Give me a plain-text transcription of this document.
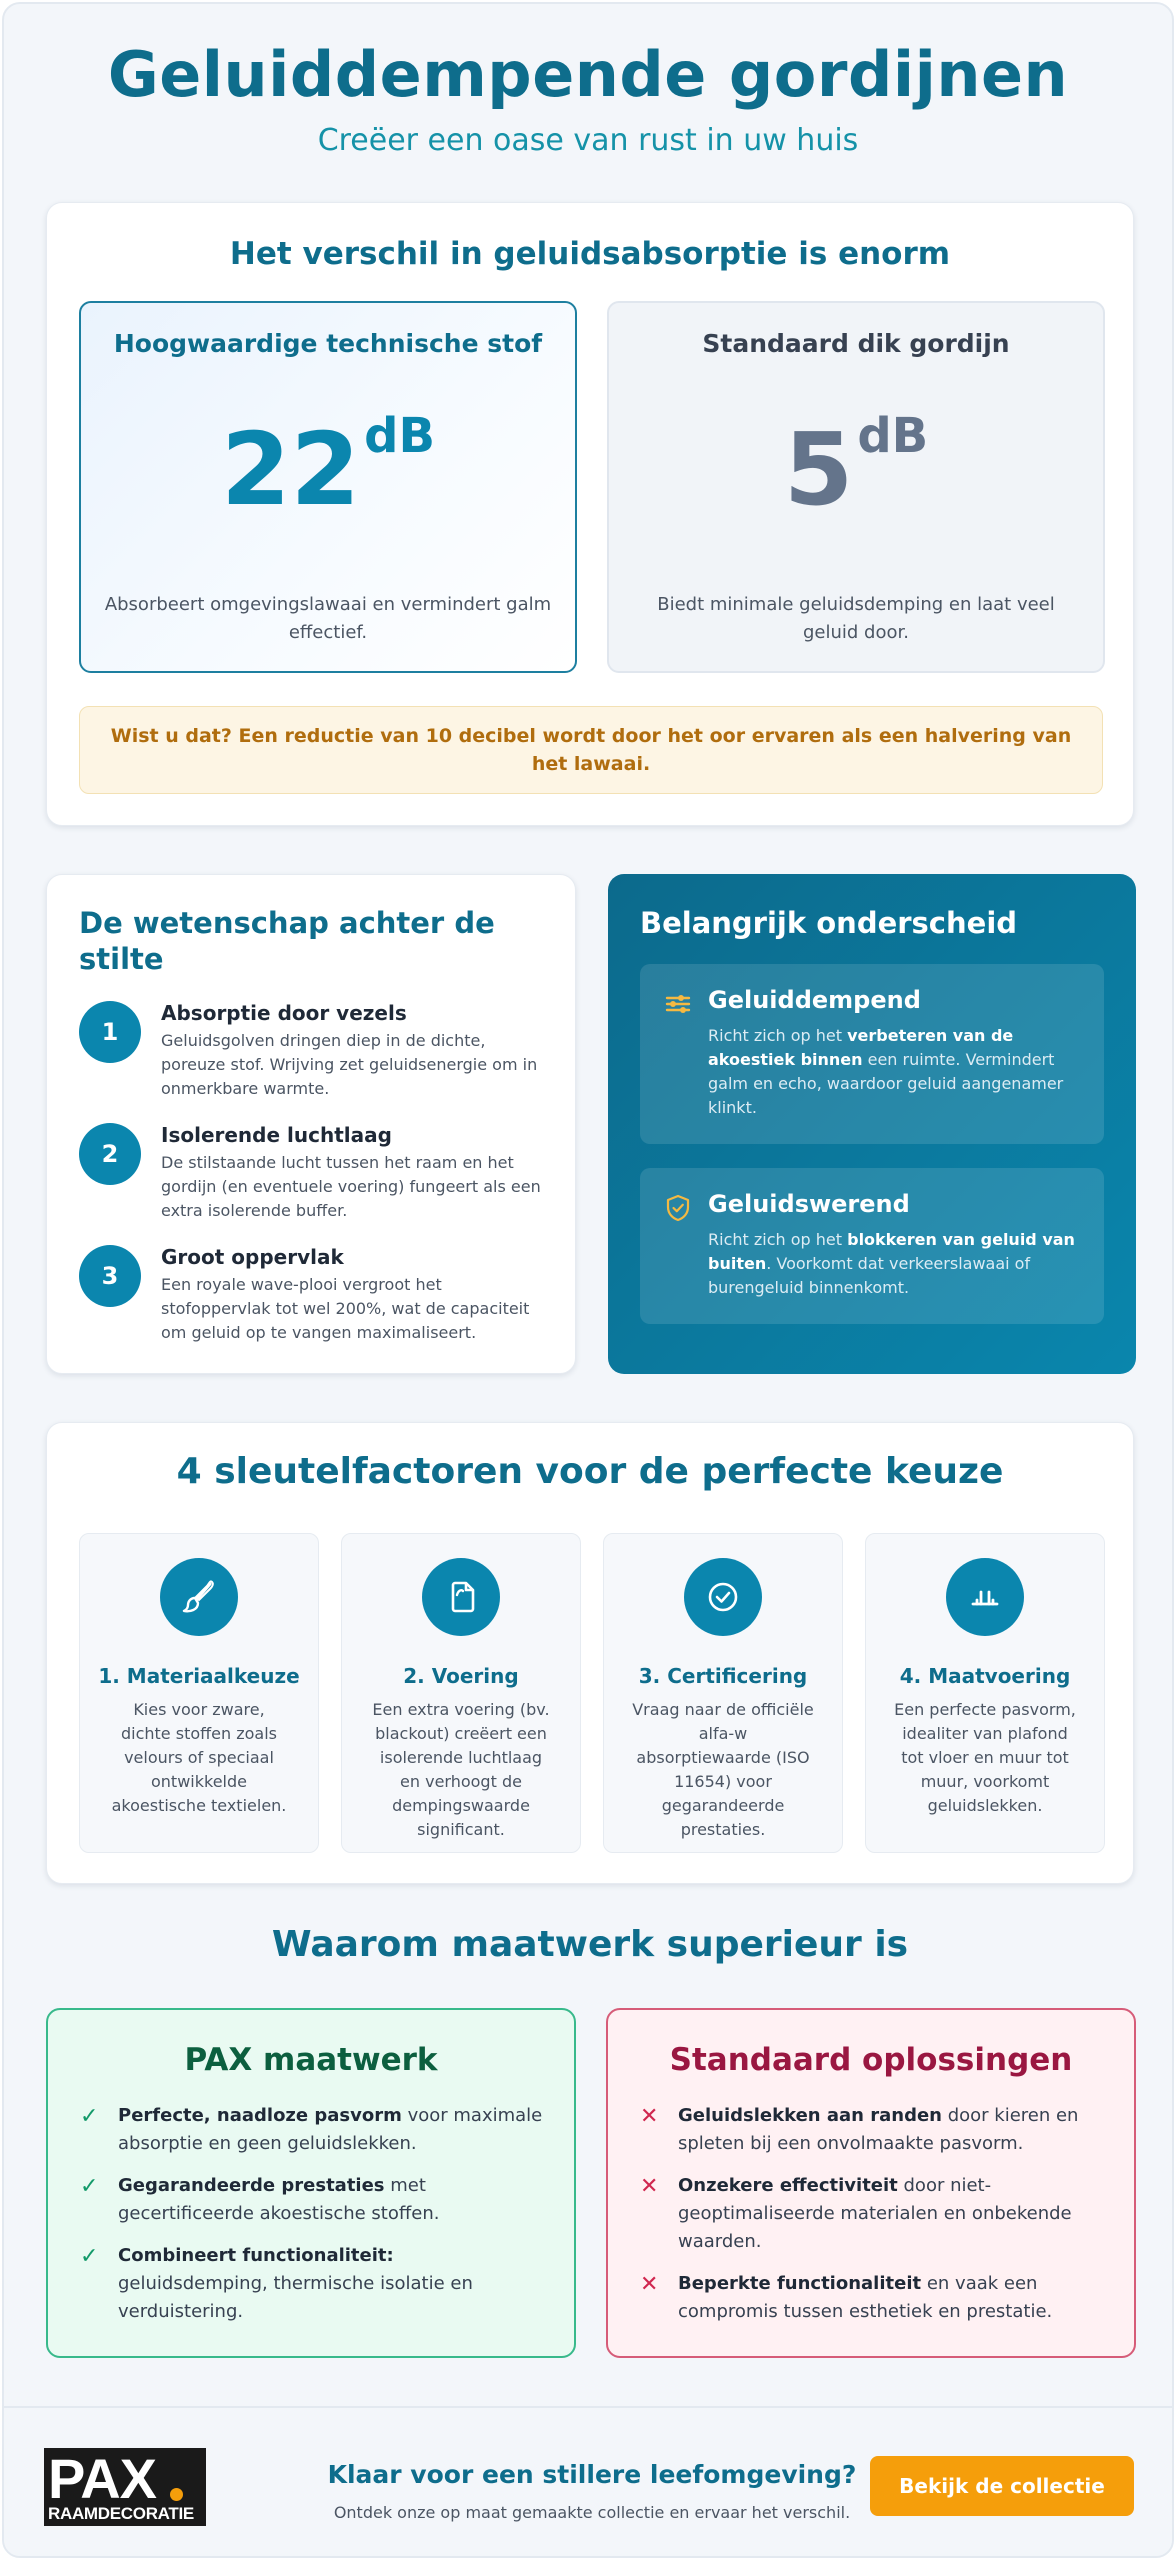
Geluiddempende gordijnen
Creëer een oase van rust in uw huis
Het verschil in geluidsabsorptie is enorm
Hoogwaardige technische stof
22 dB

Absorbeert omgevingslawaai en vermindert galm effectief.

Standaard dik gordijn
5 dB

Biedt minimale geluidsdemping en laat veel geluid door.

Wist u dat? Een reductie van 10 decibel wordt door het oor ervaren als een halvering van het lawaai.
De wetenschap achter de stilte
1
Absorptie door vezels

Geluidsgolven dringen diep in de dichte, poreuze stof. Wrijving zet geluidsenergie om in onmerkbare warmte.

2
Isolerende luchtlaag

De stilstaande lucht tussen het raam en het gordijn (en eventuele voering) fungeert als een extra isolerende buffer.

3
Groot oppervlak

Een royale wave-plooi vergroot het stofoppervlak tot wel 200%, wat de capaciteit om geluid op te vangen maximaliseert.

Belangrijk onderscheid
Geluiddempend

Richt zich op het verbeteren van de akoestiek binnen een ruimte. Vermindert galm en echo, waardoor geluid aangenamer klinkt.

Geluidswerend

Richt zich op het blokkeren van geluid van buiten. Voorkomt dat verkeerslawaai of burengeluid binnenkomt.

4 sleutelfactoren voor de perfecte keuze
1. Materiaalkeuze

Kies voor zware, dichte stoffen zoals velours of speciaal ontwikkelde akoestische textielen.

2. Voering

Een extra voering (bv. blackout) creëert een isolerende luchtlaag en verhoogt de dempingswaarde significant.

3. Certificering

Vraag naar de officiële alfa-w absorptiewaarde (ISO 11654) voor gegarandeerde prestaties.

4. Maatvoering

Een perfecte pasvorm, idealiter van plafond tot vloer en muur tot muur, voorkomt geluidslekken.

Waarom maatwerk superieur is
PAX maatwerk
✓	Perfecte, naadloze pasvorm voor maximale absorptie en geen geluidslekken.

✓	Gegarandeerde prestaties met gecertificeerde akoestische stoffen.

✓	Combineert functionaliteit: geluidsdemping, thermische isolatie en verduistering.

Standaard oplossingen
✕	Geluidslekken aan randen door kieren en spleten bij een onvolmaakte pasvorm.

✕	Onzekere effectiviteit door niet-geoptimaliseerde materialen en onbekende waarden.

✕	Beperkte functionaliteit en vaak een compromis tussen esthetiek en prestatie.

PAX
RAAMDECORATIE
Klaar voor een stillere leefomgeving?

Ontdek onze op maat gemaakte collectie en ervaar het verschil.

Bekijk de collectie
